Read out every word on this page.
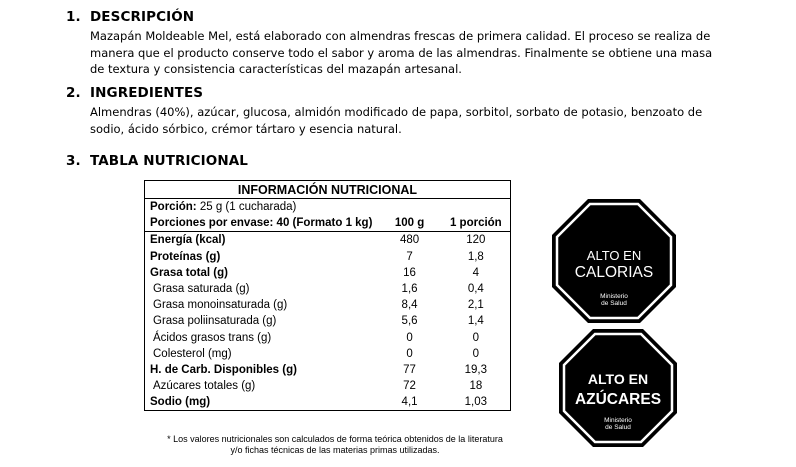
1. DESCRIPCIÓN

Mazapán Moldeable Mel, está elaborado con almendras frescas de primera calidad. El proceso se realiza de manera que el producto conserve todo el sabor y aroma de las almendras. Finalmente se obtiene una masa de textura y consistencia características del mazapán artesanal.

2. INGREDIENTES

Almendras (40%), azúcar, glucosa, almidón modificado de papa, sorbitol, sorbato de potasio, benzoato de sodio, ácido sórbico, crémor tártaro y esencia natural.

3. TABLA NUTRICIONAL
INFORMACIÓN NUTRICIONAL		
Porción: 25 g (1 cucharada)		
Porciones por envase: 40 (Formato 1 kg)	100 g	1 porción
Energía (kcal)	480	120
Proteínas (g)	7	1,8
Grasa total (g)	16	4
Grasa saturada (g)	1,6	0,4
Grasa monoinsaturada (g)	8,4	2,1
Grasa poliinsaturada (g)	5,6	1,4
Ácidos grasos trans (g)	0	0
Colesterol (mg)	0	0
H. de Carb. Disponibles (g)	77	19,3
Azúcares totales (g)	72	18
Sodio (mg)	4,1	1,03
* Los valores nutricionales son calculados de forma teórica obtenidos de la literatura
y/o fichas técnicas de las materias primas utilizadas.
ALTO EN
CALORIAS
Ministerio
de Salud
ALTO EN
AZÚCARES
Ministerio
de Salud
